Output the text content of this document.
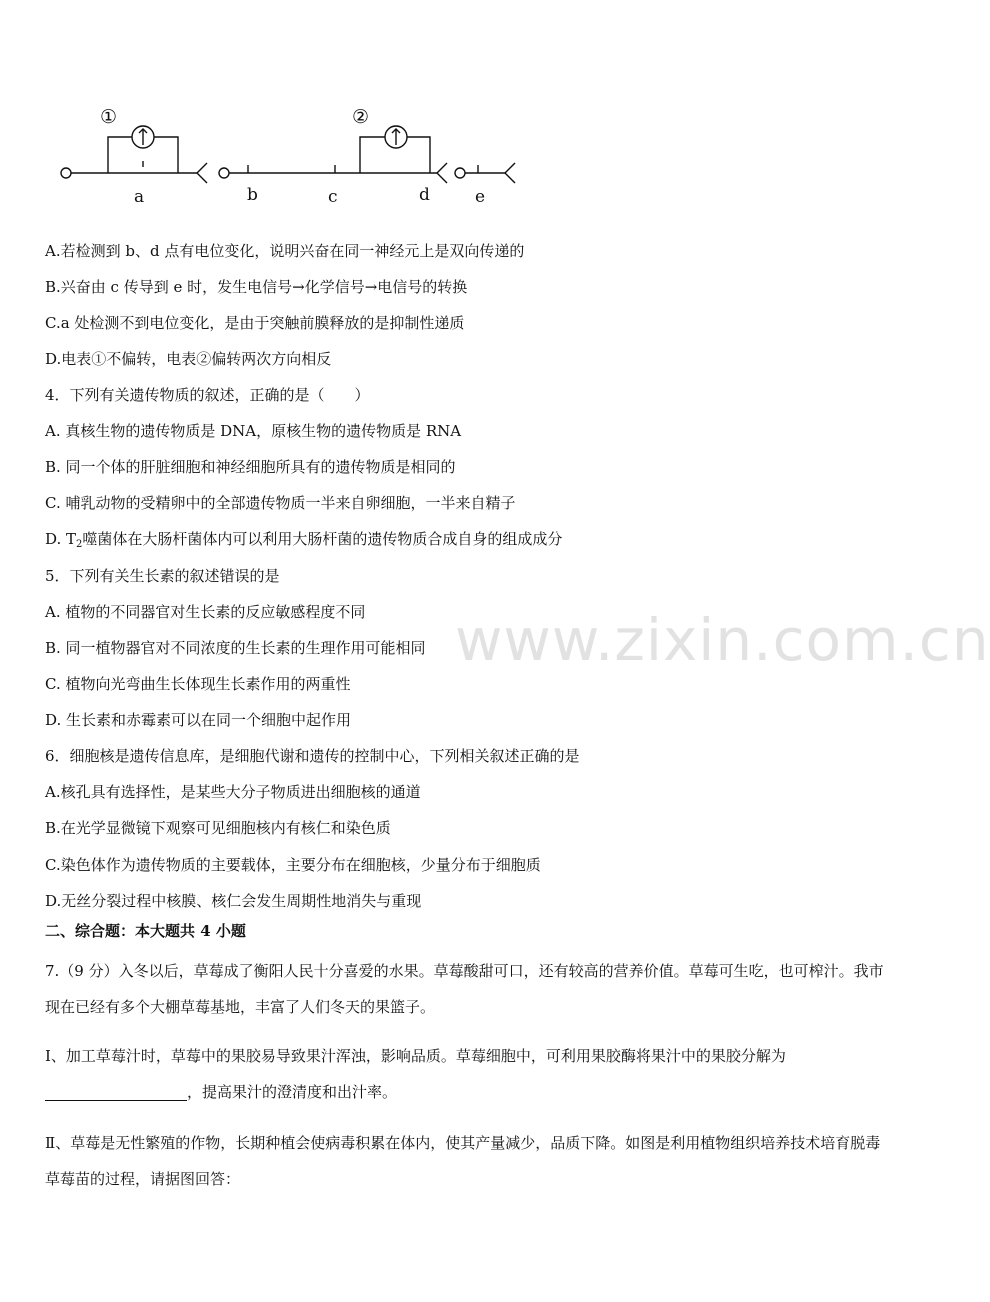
①	②
a	b	c	d	e
A.若检测到 b、d 点有电位变化，说明兴奋在同一神经元上是双向传递的
B.兴奋由 c 传导到 e 时，发生电信号→化学信号→电信号的转换
C.a 处检测不到电位变化，是由于突触前膜释放的是抑制性递质
D.电表①不偏转，电表②偏转两次方向相反
4．下列有关遗传物质的叙述，正确的是（　　）
A. 真核生物的遗传物质是 DNA，原核生物的遗传物质是 RNA
B. 同一个体的肝脏细胞和神经细胞所具有的遗传物质是相同的
C. 哺乳动物的受精卵中的全部遗传物质一半来自卵细胞，一半来自精子
D. $T_2$噬菌体在大肠杆菌体内可以利用大肠杆菌的遗传物质合成自身的组成成分
5．下列有关生长素的叙述错误的是
A. 植物的不同器官对生长素的反应敏感程度不同
B. 同一植物器官对不同浓度的生长素的生理作用可能相同
C. 植物向光弯曲生长体现生长素作用的两重性
D. 生长素和赤霉素可以在同一个细胞中起作用
6．细胞核是遗传信息库，是细胞代谢和遗传的控制中心，下列相关叙述正确的是
A.核孔具有选择性，是某些大分子物质进出细胞核的通道
B.在光学显微镜下观察可见细胞核内有核仁和染色质
C.染色体作为遗传物质的主要载体，主要分布在细胞核，少量分布于细胞质
D.无丝分裂过程中核膜、核仁会发生周期性地消失与重现
二、综合题：本大题共 4 小题
7.（9 分）入冬以后，草莓成了衡阳人民十分喜爱的水果。草莓酸甜可口，还有较高的营养价值。草莓可生吃，也可榨汁。我市现在已经有多个大棚草莓基地，丰富了人们冬天的果篮子。
Ⅰ、加工草莓汁时，草莓中的果胶易导致果汁浑浊，影响品质。草莓细胞中，可利用果胶酶将果汁中的果胶分解为
，提高果汁的澄清度和出汁率。
Ⅱ、草莓是无性繁殖的作物，长期种植会使病毒积累在体内，使其产量减少，品质下降。如图是利用植物组织培养技术培育脱毒草莓苗的过程，请据图回答：
www.zixin.com.cn
